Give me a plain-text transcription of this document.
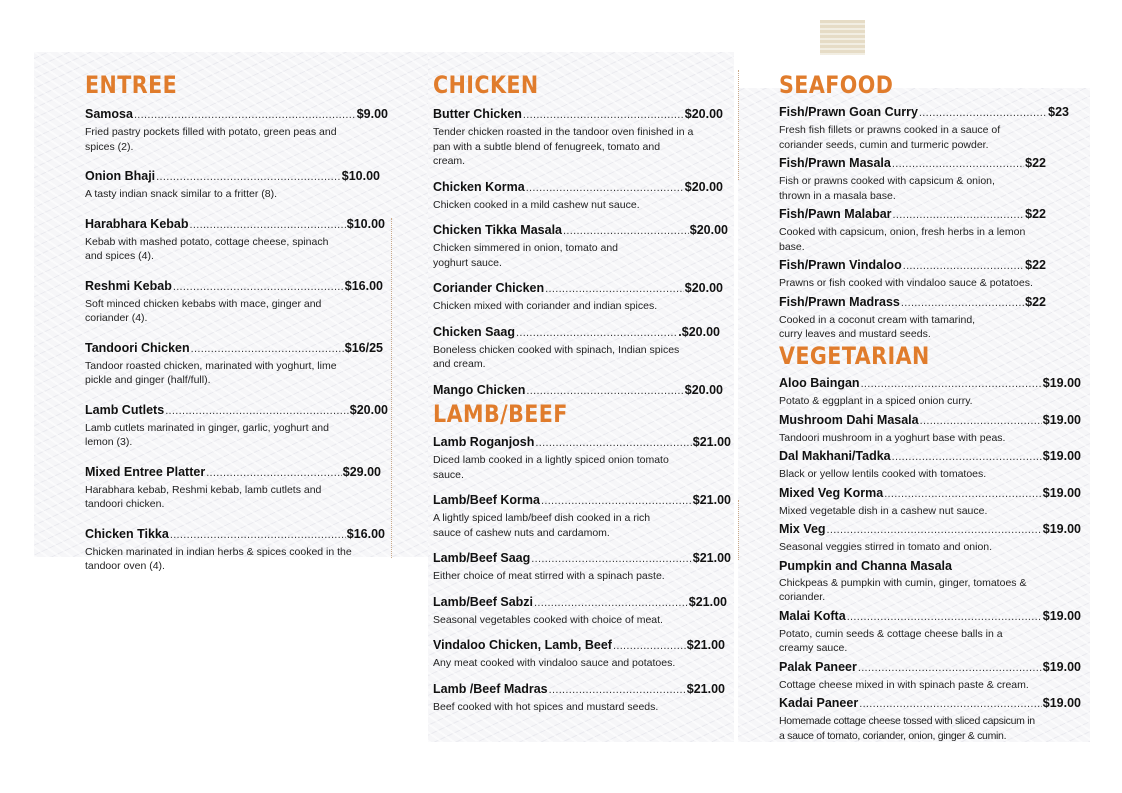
ENTREE
Samosa .....	$9.00
Fried pastry pockets filled with potato, green peas and spices (2).
Onion Bhaji .....	$10.00
A tasty indian snack similar to a fritter (8).
Harabhara Kebab .....	$10.00
Kebab with mashed potato, cottage cheese, spinach and spices (4).
Reshmi Kebab .....	$16.00
Soft minced chicken kebabs with mace, ginger and coriander (4).
Tandoori Chicken .....	$16/25
Tandoor roasted chicken, marinated with yoghurt, lime pickle and ginger (half/full).
Lamb Cutlets .....	$20.00
Lamb cutlets marinated in ginger, garlic, yoghurt and lemon (3).
Mixed Entree Platter .....	$29.00
Harabhara kebab, Reshmi kebab, lamb cutlets and tandoori chicken.
Chicken Tikka .....	$16.00
Chicken marinated in indian herbs & spices cooked in the tandoor oven (4).
CHICKEN
Butter Chicken .....	$20.00
Tender chicken roasted in the tandoor oven finished in a pan with a subtle blend of fenugreek, tomato and cream.
Chicken Korma .....	$20.00
Chicken cooked in a mild cashew nut sauce.
Chicken Tikka Masala .....	$20.00
Chicken simmered in onion, tomato and yoghurt sauce.
Coriander Chicken .....	$20.00
Chicken mixed with coriander and indian spices.
Chicken Saag .....	.$20.00
Boneless chicken cooked with spinach, Indian spices and cream.
Mango Chicken .....	$20.00
LAMB/BEEF
Lamb Roganjosh .....	$21.00
Diced lamb cooked in a lightly spiced onion tomato sauce.
Lamb/Beef Korma .....	$21.00
A lightly spiced lamb/beef dish cooked in a rich sauce of cashew nuts and cardamom.
Lamb/Beef Saag .....	$21.00
Either choice of meat stirred with a spinach paste.
Lamb/Beef Sabzi .....	$21.00
Seasonal vegetables cooked with choice of meat.
Vindaloo Chicken, Lamb, Beef .....	$21.00
Any meat cooked with vindaloo sauce and potatoes.
Lamb /Beef Madras .....	$21.00
Beef cooked with hot spices and mustard seeds.
SEAFOOD
Fish/Prawn Goan Curry .....	$23
Fresh fish fillets or prawns cooked in a sauce of coriander seeds, cumin and turmeric powder.
Fish/Prawn Masala .....	$22
Fish or prawns cooked with capsicum & onion, thrown in a masala base.
Fish/Pawn Malabar .....	$22
Cooked with capsicum, onion, fresh herbs in a lemon base.
Fish/Prawn Vindaloo .....	$22
Prawns or fish cooked with vindaloo sauce & potatoes.
Fish/Prawn Madrass .....	$22
Cooked in a coconut cream with tamarind, curry leaves and mustard seeds.
VEGETARIAN
Aloo Baingan .....	$19.00
Potato & eggplant in a spiced onion curry.
Mushroom Dahi Masala .....	$19.00
Tandoori mushroom in a yoghurt base with peas.
Dal Makhani/Tadka .....	$19.00
Black or yellow lentils cooked with tomatoes.
Mixed Veg Korma .....	$19.00
Mixed vegetable dish in a cashew nut sauce.
Mix Veg .....	$19.00
Seasonal veggies stirred in tomato and onion.
Pumpkin and Channa Masala
Chickpeas & pumpkin with cumin, ginger, tomatoes & coriander.
Malai Kofta .....	$19.00
Potato, cumin seeds & cottage cheese balls in a creamy sauce.
Palak Paneer .....	$19.00
Cottage cheese mixed in with spinach paste & cream.
Kadai Paneer .....	$19.00
Homemade cottage cheese tossed with sliced capsicum in a sauce of tomato, coriander, onion, ginger & cumin.
